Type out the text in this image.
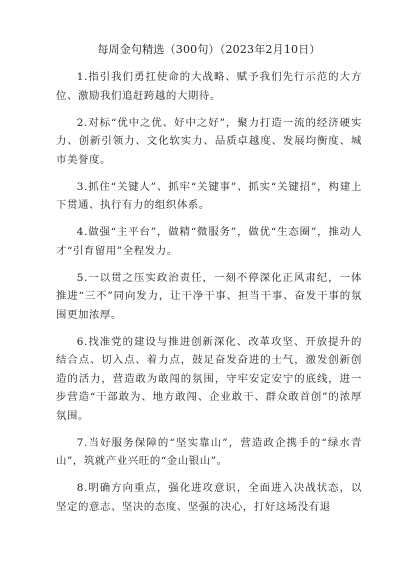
每周金句精选（300句）（2023年2月10日）

1.指引我们勇扛使命的大战略、赋予我们先行示范的大方位、激励我们追赶跨越的大期待。

2.对标“优中之优、好中之好”，聚力打造一流的经济硬实力、创新引领力、文化软实力、品质卓越度、发展均衡度、城市美誉度。

3.抓住“关键人”、抓牢“关键事”、抓实“关键招”，构建上下贯通、执行有力的组织体系。

4.做强“主平台”，做精“微服务”，做优“生态圈”，推动人才“引育留用”全程发力。

5.一以贯之压实政治责任，一刻不停深化正风肃纪，一体推进“三不”同向发力，让干净干事、担当干事、奋发干事的氛围更加浓厚。

6.找准党的建设与推进创新深化、改革攻坚、开放提升的结合点、切入点、着力点，鼓足奋发奋进的士气，激发创新创造的活力，营造敢为敢闯的氛围，守牢安定安宁的底线，进一步营造“干部敢为、地方敢闯、企业敢干、群众敢首创”的浓厚氛围。

7.当好服务保障的“坚实靠山”，营造政企携手的“绿水青山”，筑就产业兴旺的“金山银山”。

8.明确方向重点，强化进攻意识，全面进入决战状态，以坚定的意志、坚决的态度、坚强的决心，打好这场没有退
